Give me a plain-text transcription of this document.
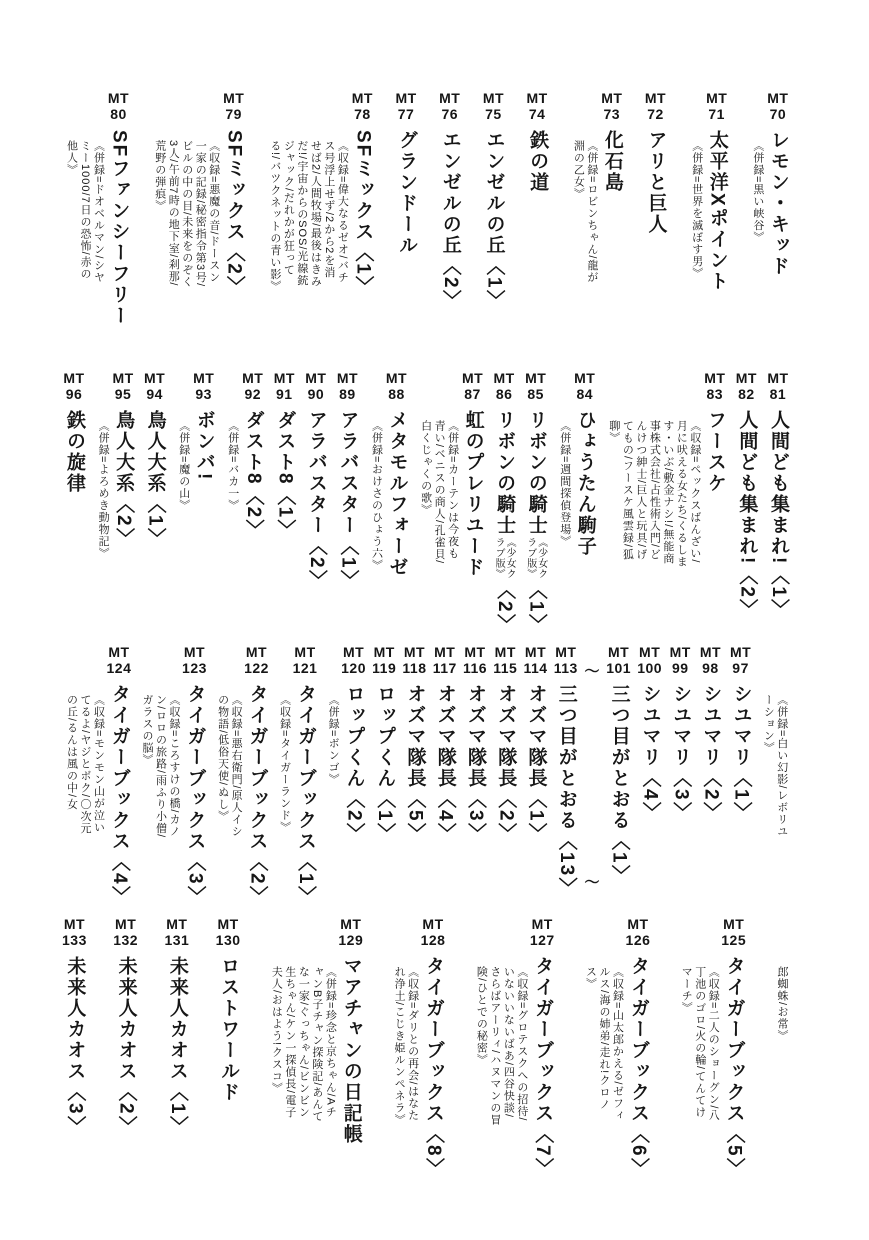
MT
70
レモン・キッド
《併録=黒い峡谷》
MT
71
太平洋Xポイント
《併録=世界を滅ぼす男》
MT
72
アリと巨人
MT
73
化石島
《併録=ロビンちゃん/龍が淵の乙女》
MT
74
鉄の道
MT
75
エンゼルの丘〈1〉
MT
76
エンゼルの丘〈2〉
MT
77
グランドール
MT
78
SFミックス〈1〉
《収録=偉大なるゼオ/バチス号浮上せず/2から2を消せば2/人間牧場/最後はきみだ!/宇宙からのSOS/光線銃ジャック/だれかが狂ってる!/バツクネットの青い影》
MT
79
SFミックス〈2〉
《収録=悪魔の音/ドースン一家の記録/秘密指令第3号/ビルの中の目/未来をのぞく3人/午前7時の地下室/刹那/荒野の弾痕》
MT
80
SFファンシーフリー
《併録=ドオベルマン/シヤミー1000/7日の恐怖/赤の他人》
MT
81
人間ども集まれ!〈1〉
MT
82
人間ども集まれ!〈2〉
MT
83
フースケ
《収録=ペックスばんざい/月に吠える女たち/くるします・いぶ/敷金ナシ!/無能商事株式会社/占性術入門/どんけつ紳士/巨人と玩具/げてもの/フースケ風雲録/狐聊》
MT
84
ひょうたん駒子
《併録=週間探偵登場》
MT
85
リボンの騎士
《少女ク
ラブ版》
〈1〉
MT
86
リボンの騎士
《少女ク
ラブ版》
〈2〉
MT
87
虹のプレリユード
《併録=カーテンは今夜も青い/ベニスの商人/孔雀貝/白くじゃくの歌》
MT
88
メタモルフォーゼ
《併録=おけさのひょう六》
MT
89
アラバスター〈1〉
MT
90
アラバスター〈2〉
MT
91
ダスト8〈1〉
MT
92
ダスト8〈2〉
《併録=バカ一》
MT
93
ボンバ!
《併録=魔の山》
MT
94
鳥人大系〈1〉
MT
95
鳥人大系〈2〉
《併録=よろめき動物記》
MT
96
鉄の旋律
《併録=白い幻影/レボリユーション》
MT
97
シユマリ〈1〉
MT
98
シユマリ〈2〉
MT
99
シユマリ〈3〉
MT
100
シユマリ〈4〉
MT
101
三つ目がとおる〈1〉
〜
〜
MT
113
三つ目がとおる〈13〉
MT
114
オズマ隊長〈1〉
MT
115
オズマ隊長〈2〉
MT
116
オズマ隊長〈3〉
MT
117
オズマ隊長〈4〉
MT
118
オズマ隊長〈5〉
MT
119
ロップくん〈1〉
MT
120
ロップくん〈2〉
《併録=ボンゴ》
MT
121
タイガーブックス〈1〉
《収録=タイガーランド》
MT
122
タイガーブックス〈2〉
《収録=悪右衛門/原人イシの物語/低俗天使/ぬし》
MT
123
タイガーブックス〈3〉
《収録=ころすけの橋/カノン/ロロの旅路/雨ふり小僧/ガラスの脳》
MT
124
タイガーブックス〈4〉
《収録=モンモン山が泣いてるよ/ヤジとボク/〇次元の丘/るんは風の中/女
郎蜘蛛/お常》
MT
125
タイガーブックス〈5〉
《収録=二人のショーグン/八丁池のゴロ/火の輪/てんてけマーチ》
MT
126
タイガーブックス〈6〉
《収録=山太郎かえる/ゼフィルス/海の姉弟/走れ!クロノス》
MT
127
タイガーブックス〈7〉
《収録=グロテスクへの招待/いないいないばあ/四谷快談/さらばアーリィ/ハヌマンの冒険/ひとでの秘密》
MT
128
タイガーブックス〈8〉
《収録=ダリとの再会/はなたれ浄土/こじき姫ルンペネラ》
MT
129
マアチャンの日記帳
《併録=珍念と京ちゃん/AチャンB子チャン探険記/あんてな一家/ぐっちゃん/ビンビン生ちゃん/ケン一探偵長/電子夫人/おはよう!クスコ》
MT
130
ロストワールド
MT
131
未来人カオス〈1〉
MT
132
未来人カオス〈2〉
MT
133
未来人カオス〈3〉
